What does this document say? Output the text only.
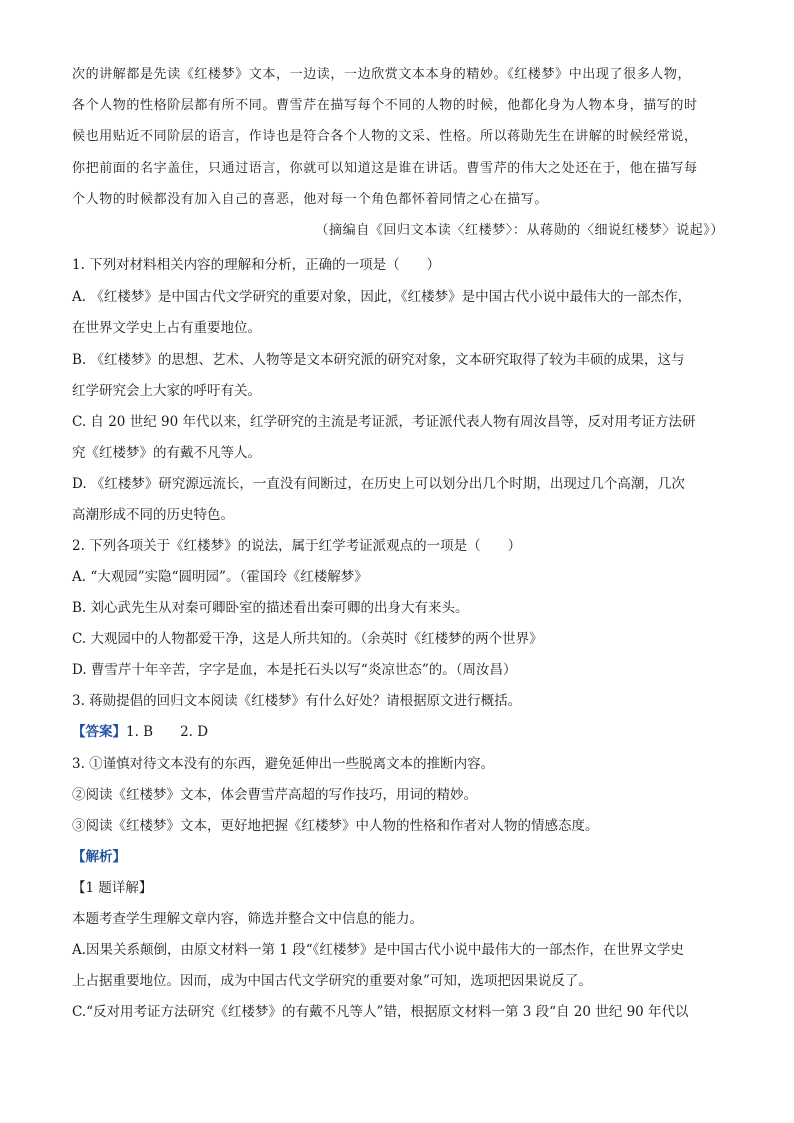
次的讲解都是先读《红楼梦》文本，一边读，一边欣赏文本本身的精妙。《红楼梦》中出现了很多人物，
各个人物的性格阶层都有所不同。曹雪芹在描写每个不同的人物的时候，他都化身为人物本身，描写的时
候也用贴近不同阶层的语言，作诗也是符合各个人物的文采、性格。所以蒋勋先生在讲解的时候经常说，
你把前面的名字盖住，只通过语言，你就可以知道这是谁在讲话。曹雪芹的伟大之处还在于，他在描写每
个人物的时候都没有加入自己的喜恶，他对每一个角色都怀着同情之心在描写。
（摘编自《回归文本读〈红楼梦〉：从蒋勋的〈细说红楼梦〉说起》）
1. 下列对材料相关内容的理解和分析，正确的一项是（　　）
A. 《红楼梦》是中国古代文学研究的重要对象，因此，《红楼梦》是中国古代小说中最伟大的一部杰作，
在世界文学史上占有重要地位。
B. 《红楼梦》的思想、艺术、人物等是文本研究派的研究对象，文本研究取得了较为丰硕的成果，这与
红学研究会上大家的呼吁有关。
C. 自 20 世纪 90 年代以来，红学研究的主流是考证派，考证派代表人物有周汝昌等，反对用考证方法研
究《红楼梦》的有戴不凡等人。
D. 《红楼梦》研究源远流长，一直没有间断过，在历史上可以划分出几个时期，出现过几个高潮，几次
高潮形成不同的历史特色。
2. 下列各项关于《红楼梦》的说法，属于红学考证派观点的一项是（　　）
A. “大观园”实隐“圆明园”。（霍国玲《红楼解梦》
B. 刘心武先生从对秦可卿卧室的描述看出秦可卿的出身大有来头。
C. 大观园中的人物都爱干净，这是人所共知的。（余英时《红楼梦的两个世界》
D. 曹雪芹十年辛苦，字字是血，本是托石头以写“炎凉世态”的。（周汝昌）
3. 蒋勋提倡的回归文本阅读《红楼梦》有什么好处？请根据原文进行概括。
【答案】1. B　　2. D
3. ①谨慎对待文本没有的东西，避免延伸出一些脱离文本的推断内容。
②阅读《红楼梦》文本，体会曹雪芹高超的写作技巧，用词的精妙。
③阅读《红楼梦》文本，更好地把握《红楼梦》中人物的性格和作者对人物的情感态度。
【解析】
【1 题详解】
本题考查学生理解文章内容，筛选并整合文中信息的能力。
A.因果关系颠倒，由原文材料一第 1 段“《红楼梦》是中国古代小说中最伟大的一部杰作，在世界文学史
上占据重要地位。因而，成为中国古代文学研究的重要对象”可知，选项把因果说反了。
C.“反对用考证方法研究《红楼梦》的有戴不凡等人”错，根据原文材料一第 3 段“自 20 世纪 90 年代以
